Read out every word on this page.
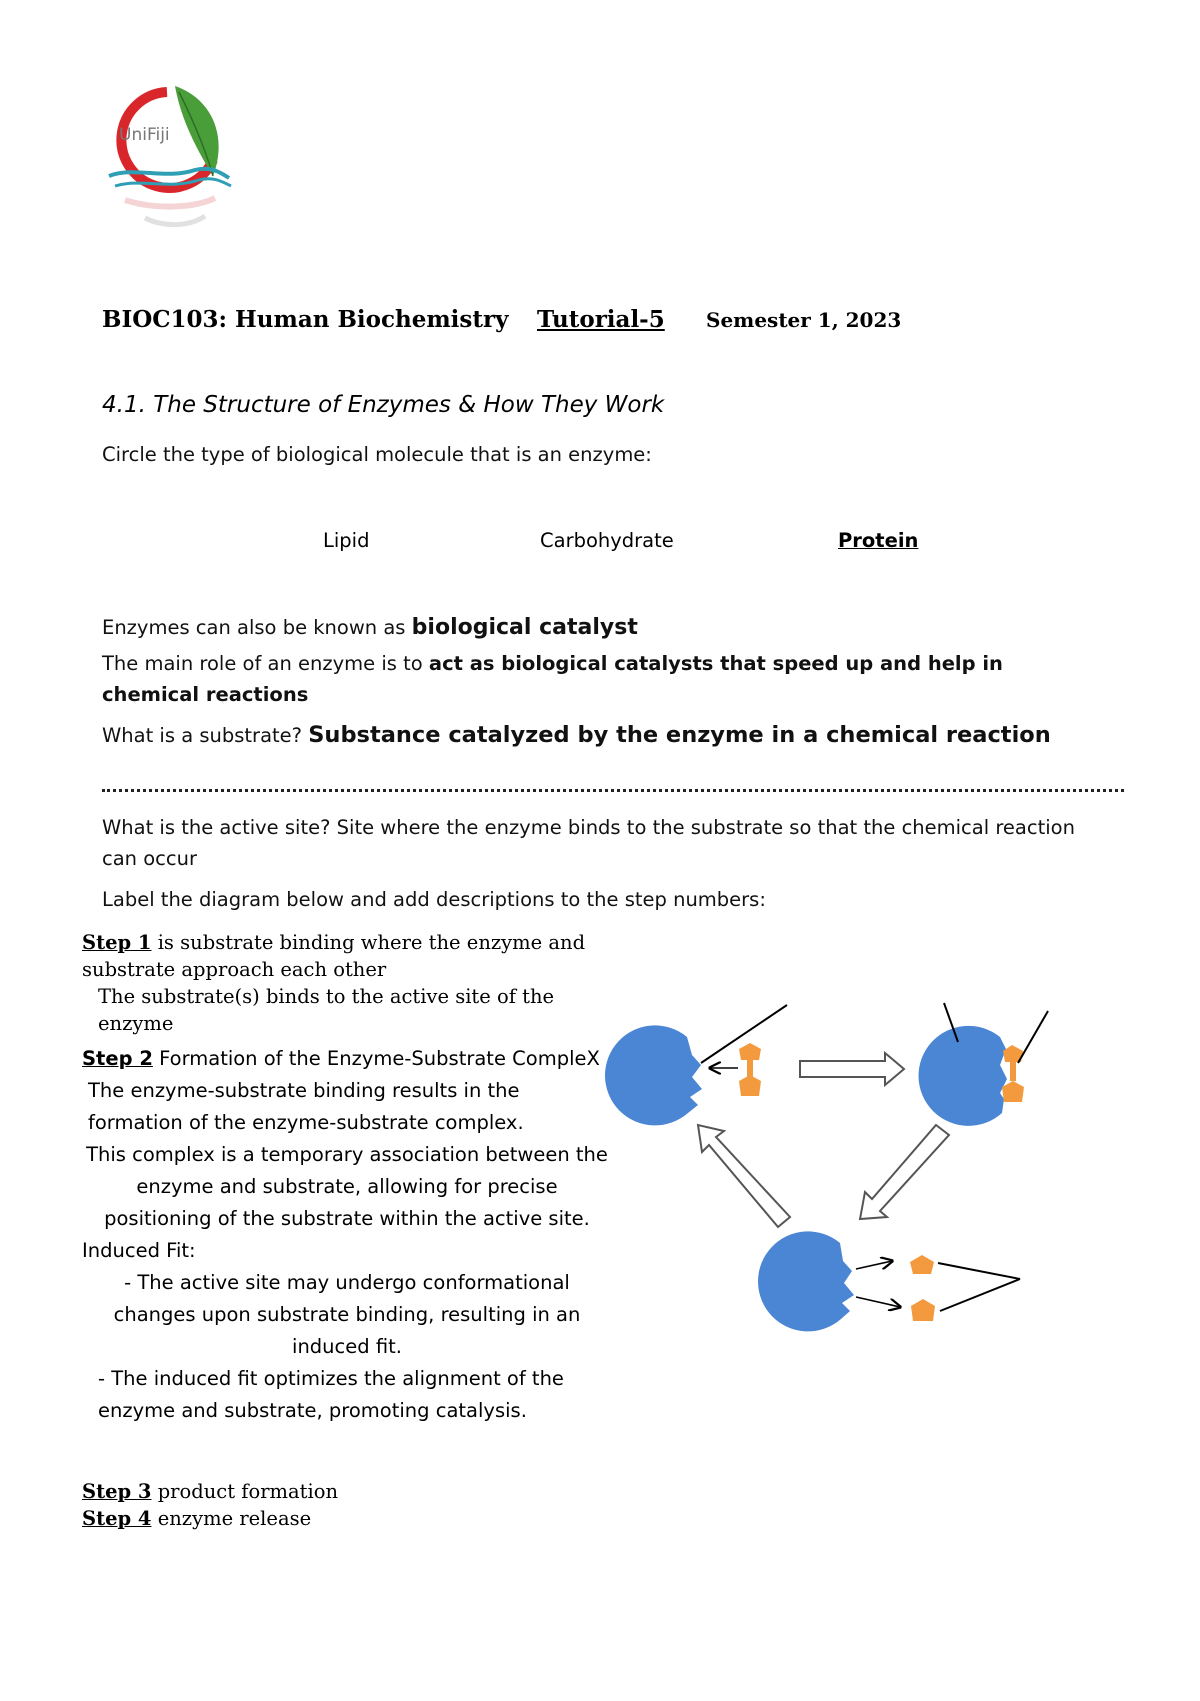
UniFiji
BIOC103: Human Biochemistry Tutorial-5 Semester 1, 2023
4.1. The Structure of Enzymes & How They Work
Circle the type of biological molecule that is an enzyme:
Lipid	Carbohydrate	Protein
Enzymes can also be known as biological catalyst
The main role of an enzyme is to act as biological catalysts that speed up and help in chemical reactions
What is a substrate? Substance catalyzed by the enzyme in a chemical reaction
What is the active site? Site where the enzyme binds to the substrate so that the chemical reaction can occur
Label the diagram below and add descriptions to the step numbers:
Step 1 is substrate binding where the enzyme and substrate approach each other
The substrate(s) binds to the active site of the enzyme
Step 2 Formation of the Enzyme-Substrate CompleX
The enzyme-substrate binding results in the formation of the enzyme-substrate complex.
This complex is a temporary association between the enzyme and substrate, allowing for precise positioning of the substrate within the active site.
Induced Fit:
- The active site may undergo conformational changes upon substrate binding, resulting in an induced fit.
- The induced fit optimizes the alignment of the enzyme and substrate, promoting catalysis.
Step 3 product formation
Step 4 enzyme release
